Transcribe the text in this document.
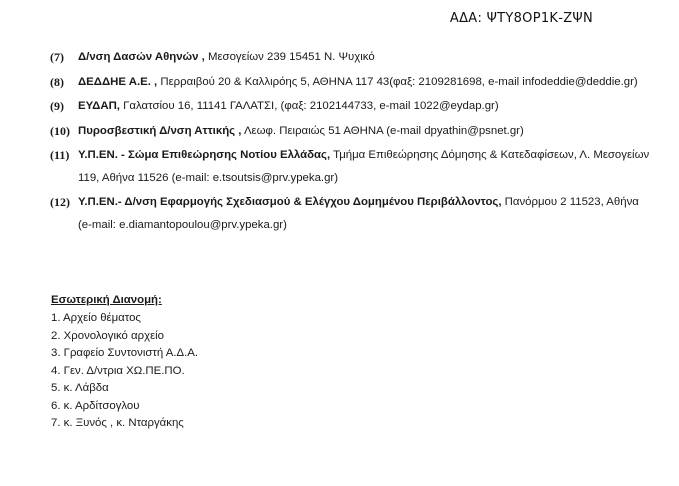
ΑΔΑ: ΨΤΥ8ΟΡ1Κ-ΖΨΝ
(7)	Δ/νση Δασών Αθηνών , Μεσογείων 239 15451 Ν. Ψυχικό
(8)	ΔΕΔΔΗΕ Α.Ε. , Περραιβού 20 & Καλλιρόης 5, ΑΘΗΝΑ 117 43(φαξ: 2109281698, e-mail infodeddie@deddie.gr)
(9)	ΕΥΔΑΠ, Γαλατσίου 16, 11141 ΓΑΛΑΤΣΙ, (φαξ: 2102144733, e-mail 1022@eydap.gr)
(10) Πυροσβεστική Δ/νση Αττικής , Λεωφ. Πειραιώς 51 ΑΘΗΝΑ (e-mail dpyathin@psnet.gr)
(11) Υ.Π.ΕΝ. - Σώμα Επιθεώρησης Νοτίου Ελλάδας, Τμήμα Επιθεώρησης Δόμησης & Κατεδαφίσεων, Λ. Μεσογείων 119, Αθήνα 11526 (e-mail: e.tsoutsis@prv.ypeka.gr)
(12) Υ.Π.ΕΝ.- Δ/νση Εφαρμογής Σχεδιασμού & Ελέγχου Δομημένου Περιβάλλοντος, Πανόρμου 2 11523, Αθήνα (e-mail: e.diamantopoulou@prv.ypeka.gr)
Εσωτερική Διανομή:
1. Αρχείο θέματος
2. Χρονολογικό αρχείο
3. Γραφείο Συντονιστή Α.Δ.Α.
4. Γεν. Δ/ντρια ΧΩ.ΠΕ.ΠΟ.
5. κ. Λάβδα
6. κ. Αρδίτσογλου
7. κ. Ξυνός , κ. Νταργάκης
